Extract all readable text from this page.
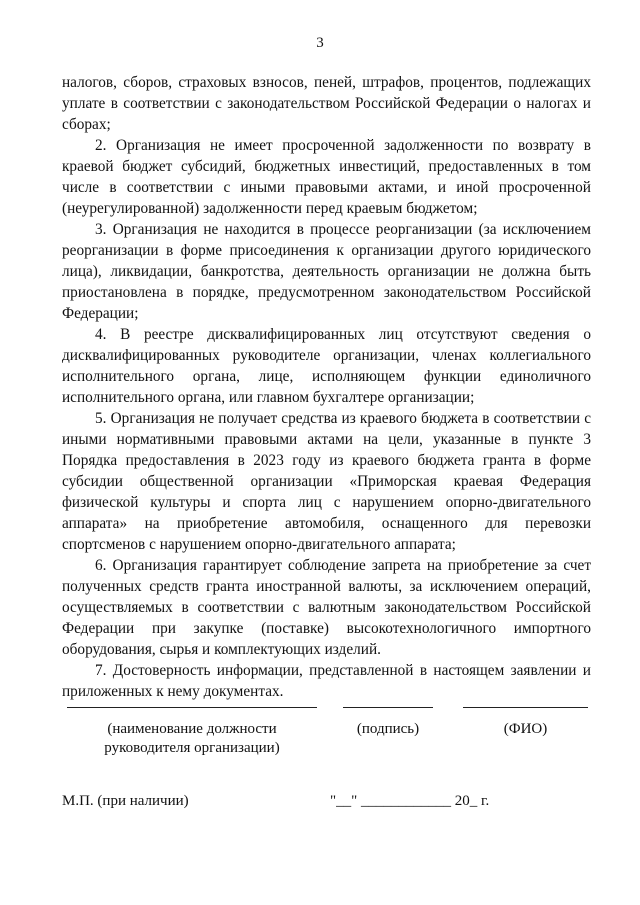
3

налогов, сборов, страховых взносов, пеней, штрафов, процентов, подлежащих уплате в соответствии с законодательством Российской Федерации о налогах и сборах;

2. Организация не имеет просроченной задолженности по возврату в краевой бюджет субсидий, бюджетных инвестиций, предоставленных в том числе в соответствии с иными правовыми актами, и иной просроченной (неурегулированной) задолженности перед краевым бюджетом;

3. Организация не находится в процессе реорганизации (за исключением реорганизации в форме присоединения к организации другого юридического лица), ликвидации, банкротства, деятельность организации не должна быть приостановлена в порядке, предусмотренном законодательством Российской Федерации;

4. В реестре дисквалифицированных лиц отсутствуют сведения о дисквалифицированных руководителе организации, членах коллегиального исполнительного органа, лице, исполняющем функции единоличного исполнительного органа, или главном бухгалтере организации;

5. Организация не получает средства из краевого бюджета в соответствии с иными нормативными правовыми актами на цели, указанные в пункте 3 Порядка предоставления в 2023 году из краевого бюджета гранта в форме субсидии общественной организации «Приморская краевая Федерация физической культуры и спорта лиц с нарушением опорно-двигательного аппарата» на приобретение автомобиля, оснащенного для перевозки спортсменов с нарушением опорно-двигательного аппарата;

6. Организация гарантирует соблюдение запрета на приобретение за счет полученных средств гранта иностранной валюты, за исключением операций, осуществляемых в соответствии с валютным законодательством Российской Федерации при закупке (поставке) высокотехнологичного импортного оборудования, сырья и комплектующих изделий.

7. Достоверность информации, представленной в настоящем заявлении и приложенных к нему документах.

(наименование должности
руководителя организации)
(подпись)	(ФИО)
М.П. (при наличии)	"__" ____________ 20_ г.
